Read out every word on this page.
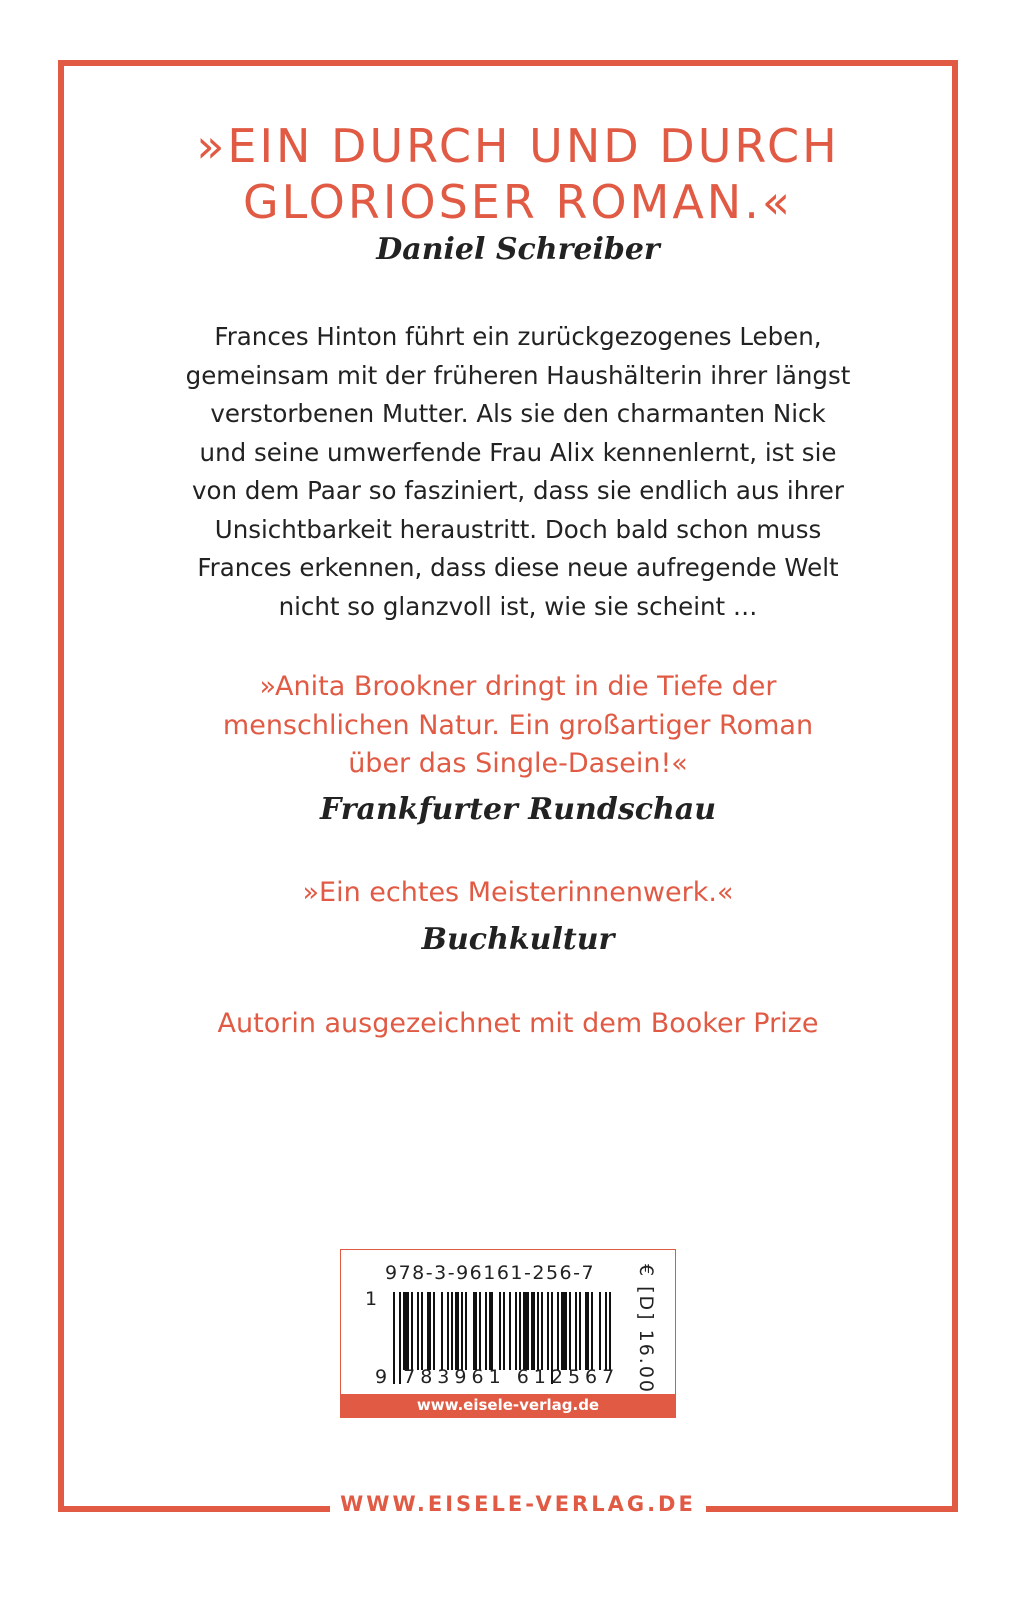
»EIN DURCH UND DURCH
GLORIOSER ROMAN.«
Daniel Schreiber
Frances Hinton führt ein zurückgezogenes Leben,
gemeinsam mit der früheren Haushälterin ihrer längst
verstorbenen Mutter. Als sie den charmanten Nick
und seine umwerfende Frau Alix kennenlernt, ist sie
von dem Paar so fasziniert, dass sie endlich aus ihrer
Unsichtbarkeit heraustritt. Doch bald schon muss
Frances erkennen, dass diese neue aufregende Welt
nicht so glanzvoll ist, wie sie scheint …
»Anita Brookner dringt in die Tiefe der
menschlichen Natur. Ein großartiger Roman
über das Single-Dasein!«
Frankfurter Rundschau
»Ein echtes Meisterinnenwerk.«
Buchkultur
Autorin ausgezeichnet mit dem Booker Prize
978-3-96161-256-7
1
9 783961 612567 € [D] 16.00
www.eisele-verlag.de
WWW.EISELE-VERLAG.DE
